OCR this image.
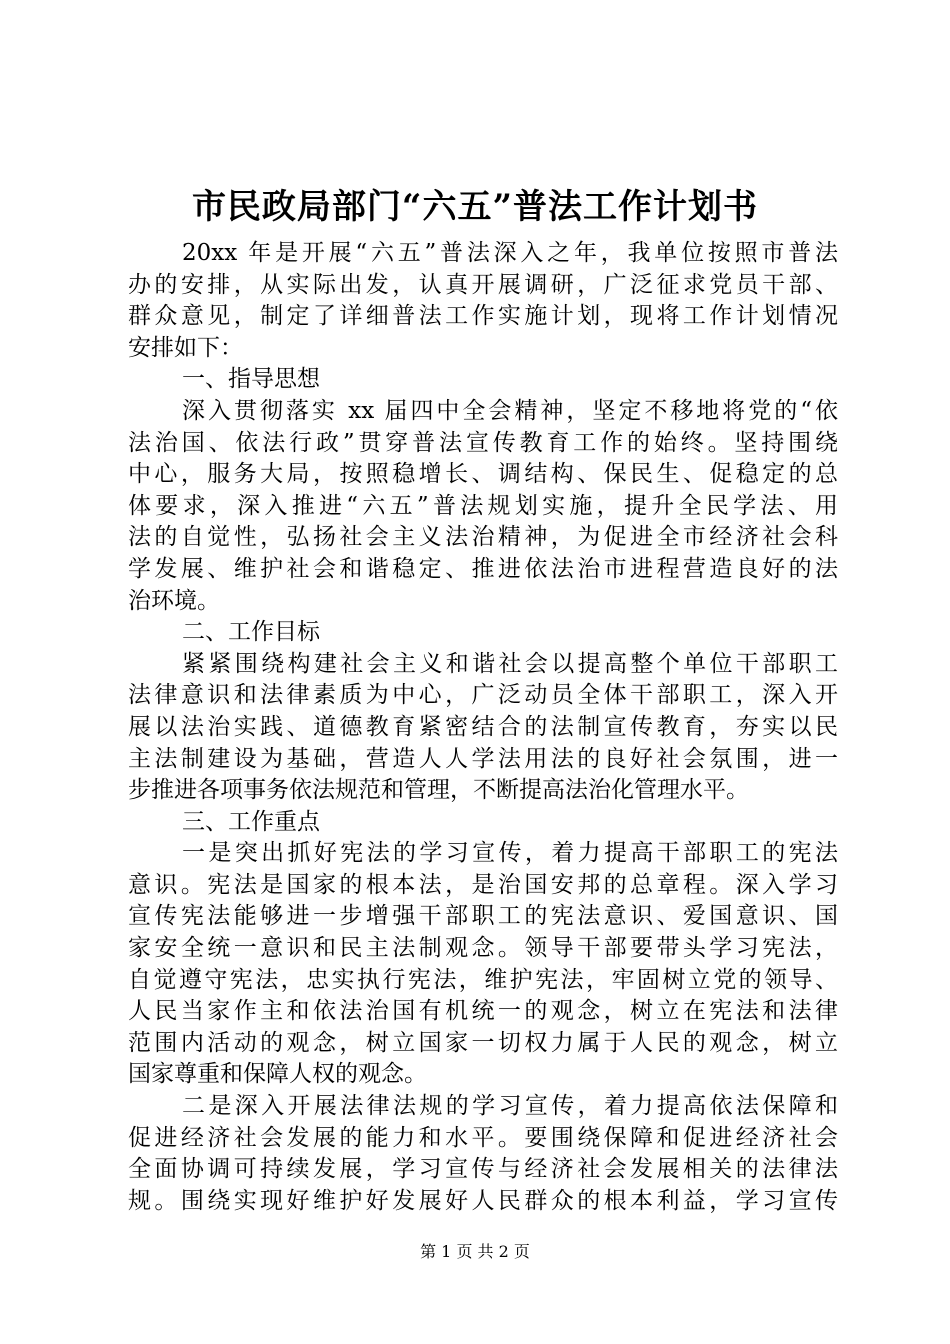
市民政局部门“六五”普法工作计划书
20xx 年是开展“六五”普法深入之年，我单位按照市普法
办的安排，从实际出发，认真开展调研，广泛征求党员干部、
群众意见，制定了详细普法工作实施计划，现将工作计划情况
安排如下：
一、指导思想
深入贯彻落实 xx 届四中全会精神，坚定不移地将党的“依
法治国、依法行政”贯穿普法宣传教育工作的始终。坚持围绕
中心，服务大局，按照稳增长、调结构、保民生、促稳定的总
体要求，深入推进“六五”普法规划实施，提升全民学法、用
法的自觉性，弘扬社会主义法治精神，为促进全市经济社会科
学发展、维护社会和谐稳定、推进依法治市进程营造良好的法
治环境。
二、工作目标
紧紧围绕构建社会主义和谐社会以提高整个单位干部职工
法律意识和法律素质为中心，广泛动员全体干部职工，深入开
展以法治实践、道德教育紧密结合的法制宣传教育，夯实以民
主法制建设为基础，营造人人学法用法的良好社会氛围，进一
步推进各项事务依法规范和管理，不断提高法治化管理水平。
三、工作重点
一是突出抓好宪法的学习宣传，着力提高干部职工的宪法
意识。宪法是国家的根本法，是治国安邦的总章程。深入学习
宣传宪法能够进一步增强干部职工的宪法意识、爱国意识、国
家安全统一意识和民主法制观念。领导干部要带头学习宪法，
自觉遵守宪法，忠实执行宪法，维护宪法，牢固树立党的领导、
人民当家作主和依法治国有机统一的观念，树立在宪法和法律
范围内活动的观念，树立国家一切权力属于人民的观念，树立
国家尊重和保障人权的观念。
二是深入开展法律法规的学习宣传，着力提高依法保障和
促进经济社会发展的能力和水平。要围绕保障和促进经济社会
全面协调可持续发展，学习宣传与经济社会发展相关的法律法
规。围绕实现好维护好发展好人民群众的根本利益，学习宣传
第 1 页 共 2 页
